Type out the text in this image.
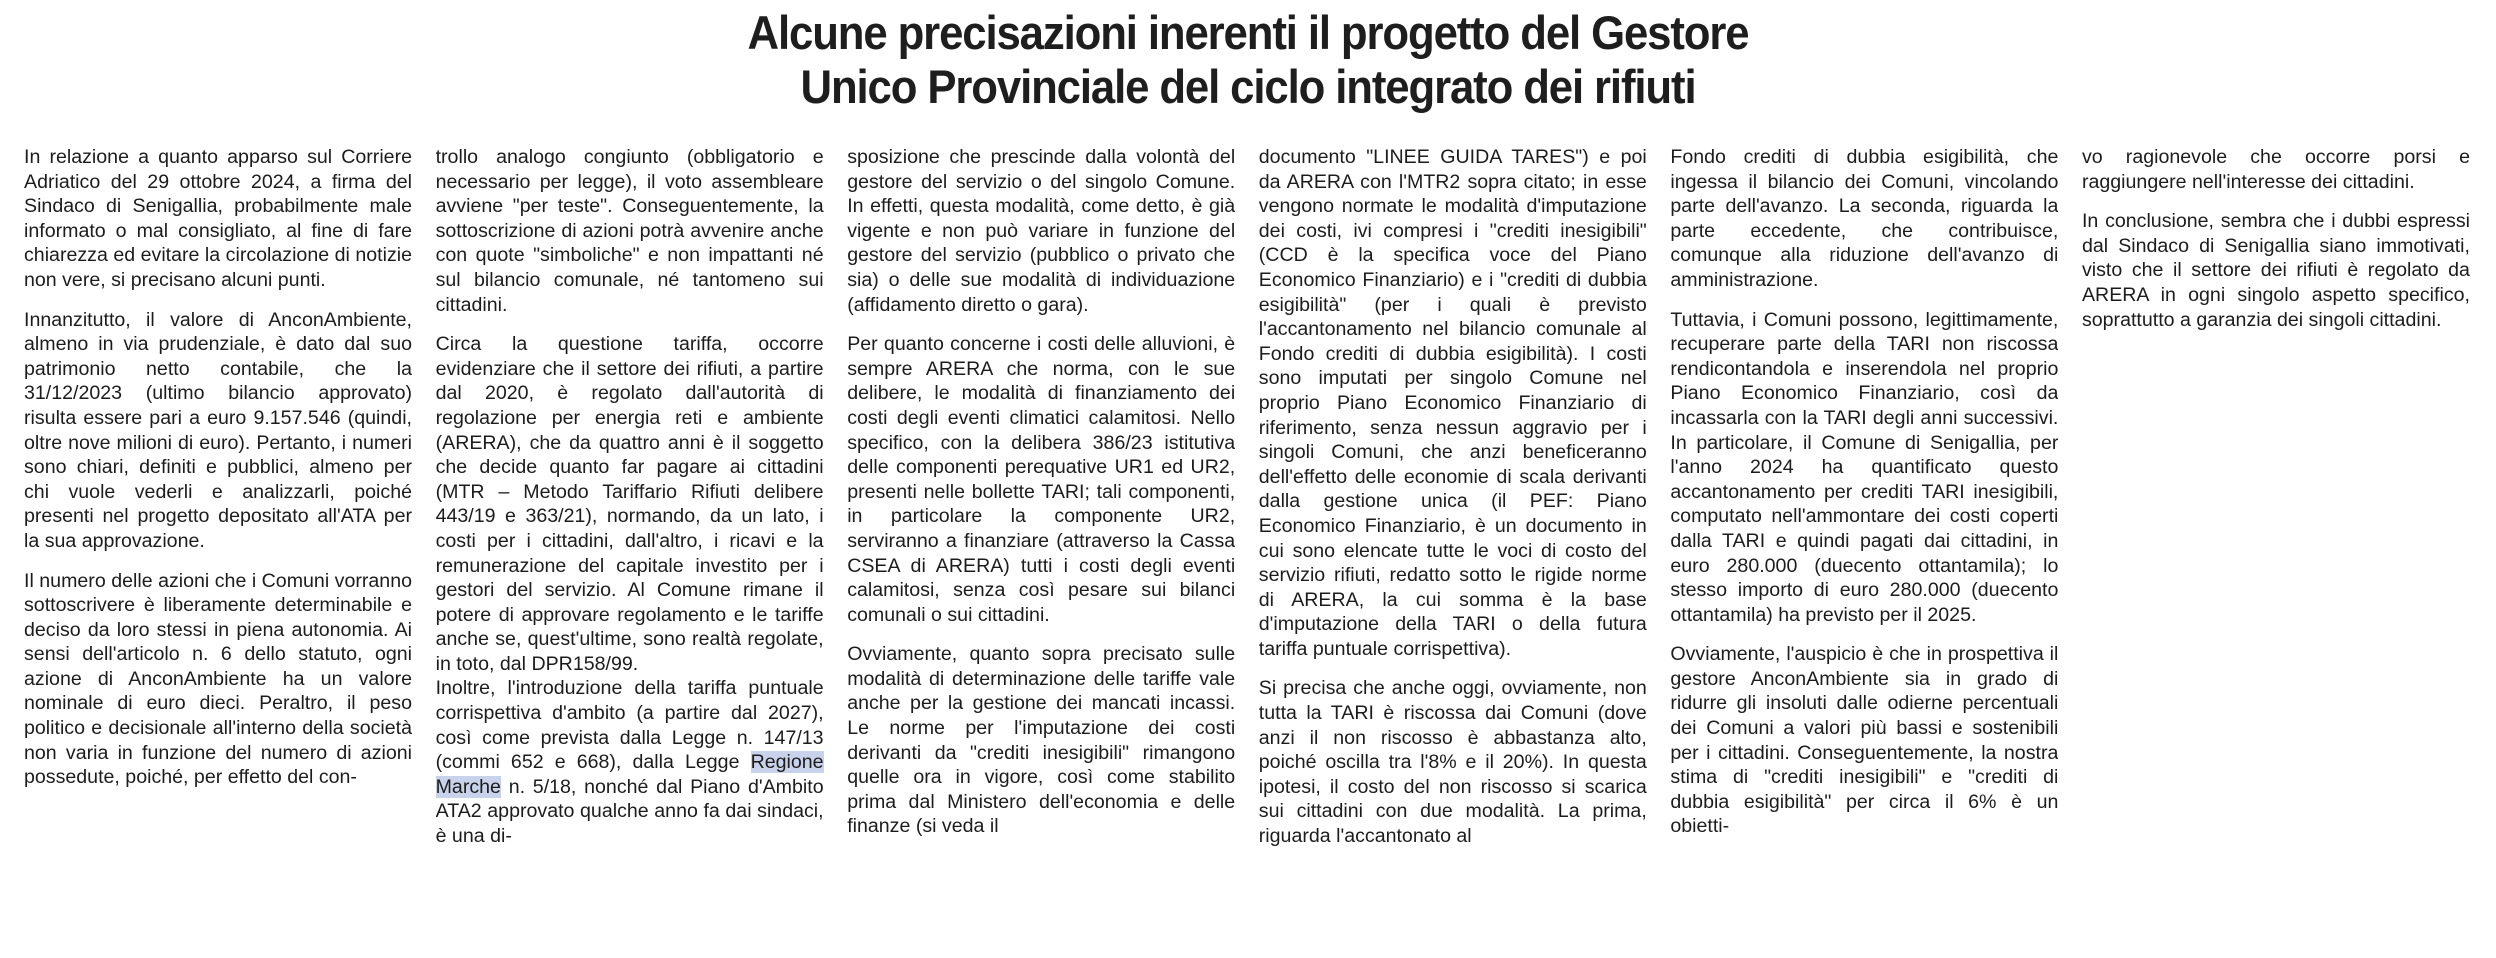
Alcune precisazioni inerenti il progetto del Gestore
Unico Provinciale del ciclo integrato dei rifiuti

In relazione a quanto apparso sul Corriere Adriatico del 29 ottobre 2024, a firma del Sindaco di Senigallia, probabilmente male informato o mal consigliato, al fine di fare chiarezza ed evitare la circolazione di notizie non vere, si precisano alcuni punti.

Innanzitutto, il valore di AnconAmbiente, almeno in via prudenziale, è dato dal suo patrimonio netto contabile, che la 31/12/2023 (ultimo bilancio approvato) risulta essere pari a euro 9.157.546 (quindi, oltre nove milioni di euro). Pertanto, i numeri sono chiari, definiti e pubblici, almeno per chi vuole vederli e analizzarli, poiché presenti nel progetto depositato all'ATA per la sua approvazione.

Il numero delle azioni che i Comuni vorranno sottoscrivere è liberamente determinabile e deciso da loro stessi in piena autonomia. Ai sensi dell'articolo n. 6 dello statuto, ogni azione di AnconAmbiente ha un valore nominale di euro dieci. Peraltro, il peso politico e decisionale all'interno della società non varia in funzione del numero di azioni possedute, poiché, per effetto del con-

trollo analogo congiunto (obbligatorio e necessario per legge), il voto assembleare avviene "per teste". Conseguentemente, la sottoscrizione di azioni potrà avvenire anche con quote "simboliche" e non impattanti né sul bilancio comunale, né tantomeno sui cittadini.

Circa la questione tariffa, occorre evidenziare che il settore dei rifiuti, a partire dal 2020, è regolato dall'autorità di regolazione per energia reti e ambiente (ARERA), che da quattro anni è il soggetto che decide quanto far pagare ai cittadini (MTR – Metodo Tariffario Rifiuti delibere 443/19 e 363/21), normando, da un lato, i costi per i cittadini, dall'altro, i ricavi e la remunerazione del capitale investito per i gestori del servizio. Al Comune rimane il potere di approvare regolamento e le tariffe anche se, quest'ultime, sono realtà regolate, in toto, dal DPR158/99.

Inoltre, l'introduzione della tariffa puntuale corrispettiva d'ambito (a partire dal 2027), così come prevista dalla Legge n. 147/13 (commi 652 e 668), dalla Legge Regione Marche n. 5/18, nonché dal Piano d'Ambito ATA2 approvato qualche anno fa dai sindaci, è una di-

sposizione che prescinde dalla volontà del gestore del servizio o del singolo Comune. In effetti, questa modalità, come detto, è già vigente e non può variare in funzione del gestore del servizio (pubblico o privato che sia) o delle sue modalità di individuazione (affidamento diretto o gara).

Per quanto concerne i costi delle alluvioni, è sempre ARERA che norma, con le sue delibere, le modalità di finanziamento dei costi degli eventi climatici calamitosi. Nello specifico, con la delibera 386/23 istitutiva delle componenti perequative UR1 ed UR2, presenti nelle bollette TARI; tali componenti, in particolare la componente UR2, serviranno a finanziare (attraverso la Cassa CSEA di ARERA) tutti i costi degli eventi calamitosi, senza così pesare sui bilanci comunali o sui cittadini.

Ovviamente, quanto sopra precisato sulle modalità di determinazione delle tariffe vale anche per la gestione dei mancati incassi. Le norme per l'imputazione dei costi derivanti da "crediti inesigibili" rimangono quelle ora in vigore, così come stabilito prima dal Ministero dell'economia e delle finanze (si veda il

documento "LINEE GUIDA TARES") e poi da ARERA con l'MTR2 sopra citato; in esse vengono normate le modalità d'imputazione dei costi, ivi compresi i "crediti inesigibili" (CCD è la specifica voce del Piano Economico Finanziario) e i "crediti di dubbia esigibilità" (per i quali è previsto l'accantonamento nel bilancio comunale al Fondo crediti di dubbia esigibilità). I costi sono imputati per singolo Comune nel proprio Piano Economico Finanziario di riferimento, senza nessun aggravio per i singoli Comuni, che anzi beneficeranno dell'effetto delle economie di scala derivanti dalla gestione unica (il PEF: Piano Economico Finanziario, è un documento in cui sono elencate tutte le voci di costo del servizio rifiuti, redatto sotto le rigide norme di ARERA, la cui somma è la base d'imputazione della TARI o della futura tariffa puntuale corrispettiva).

Si precisa che anche oggi, ovviamente, non tutta la TARI è riscossa dai Comuni (dove anzi il non riscosso è abbastanza alto, poiché oscilla tra l'8% e il 20%). In questa ipotesi, il costo del non riscosso si scarica sui cittadini con due modalità. La prima, riguarda l'accantonato al

Fondo crediti di dubbia esigibilità, che ingessa il bilancio dei Comuni, vincolando parte dell'avanzo. La seconda, riguarda la parte eccedente, che contribuisce, comunque alla riduzione dell'avanzo di amministrazione.

Tuttavia, i Comuni possono, legittimamente, recuperare parte della TARI non riscossa rendicontandola e inserendola nel proprio Piano Economico Finanziario, così da incassarla con la TARI degli anni successivi. In particolare, il Comune di Senigallia, per l'anno 2024 ha quantificato questo accantonamento per crediti TARI inesigibili, computato nell'ammontare dei costi coperti dalla TARI e quindi pagati dai cittadini, in euro 280.000 (duecento ottantamila); lo stesso importo di euro 280.000 (duecento ottantamila) ha previsto per il 2025.

Ovviamente, l'auspicio è che in prospettiva il gestore AnconAmbiente sia in grado di ridurre gli insoluti dalle odierne percentuali dei Comuni a valori più bassi e sostenibili per i cittadini. Conseguentemente, la nostra stima di "crediti inesigibili" e "crediti di dubbia esigibilità" per circa il 6% è un obietti-

vo ragionevole che occorre porsi e raggiungere nell'interesse dei cittadini.

In conclusione, sembra che i dubbi espressi dal Sindaco di Senigallia siano immotivati, visto che il settore dei rifiuti è regolato da ARERA in ogni singolo aspetto specifico, soprattutto a garanzia dei singoli cittadini.
